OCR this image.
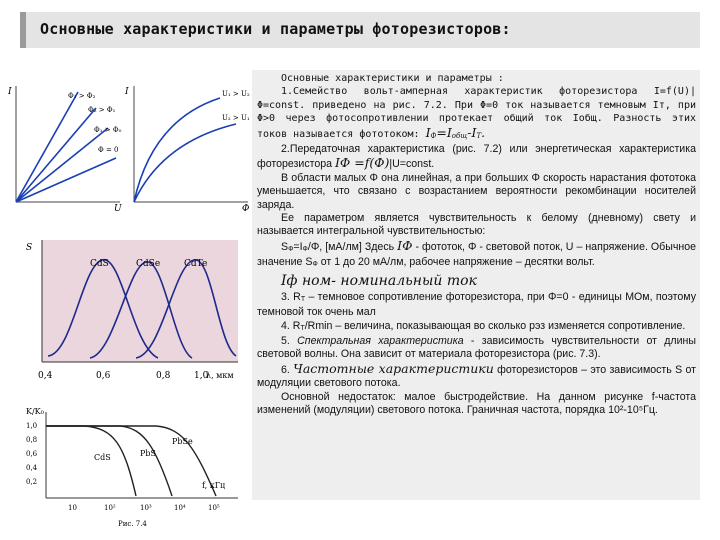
Основные характеристики и параметры фоторезисторов:
I
U
Φ₁ > Φ₂
Φ₂ > Φ₁
Φ₁ > Φ₀
Φ = 0
I
Φ
U₁ > U₂
U₂ > U₁
S
CdS	CdSe	CdTe
0,4	0,6	0,8	1,0
λ, мкм
K/K₀
1,0
0,8
0,6
0,4
0,2
PbSe
PbS
CdS
10	10²	10³	10⁴	10⁵
f, кГц
Рис. 7.4

Основные характеристики и параметры :

1.Семейство вольт-амперная характеристик фоторезистора I=f(U)|Φ=const. приведено на рис. 7.2. При Φ=0 ток называется темновым Iт, при Φ>0 через фотосопротивлении протекает общий ток Iобщ. Разность этих токов называется фототоком: $I_Ф=I_{общ}-I_Т$.

2.Передаточная характеристика (рис. 7.2) или энергетическая характеристика фоторезистора IФ =f(Φ)|U=const.

В области малых Φ она линейная, а при больших Φ скорость нарастания фототока уменьшается, что связано с возрастанием вероятности рекомбинации носителей заряда.

Ее параметром является чувствительность к белому (дневному) свету и называется интегральной чувствительностью:

$S_Ф=I_Ф/\Phi$, [мА/лм] Здесь IФ - фототок, Φ - световой поток, U – напряжение. Обычное значение $S_Ф$ от 1 до 20 мА/лм, рабочее напряжение – десятки вольт.

Iф ном- номинальный ток

3. $R_Т$ – темновое сопротивление фоторезистора, при Φ=0 - единицы МОм, поэтому темновой ток очень мал

4. $R_Т$/Rmin – величина, показывающая во сколько рэз изменяется сопротивление.

5. Спектральная характеристика - зависимость чувствительности от длины световой волны. Она зависит от материала фоторезистора (рис. 7.3).

6. Частотные характеристики фоторезисторов – это зависимость S от модуляции светового потока.

Основной недостаток: малое быстродействие. На данном рисунке f-частота изменений (модуляции) светового потока. Граничная частота, порядка 10²-10⁵Гц.
